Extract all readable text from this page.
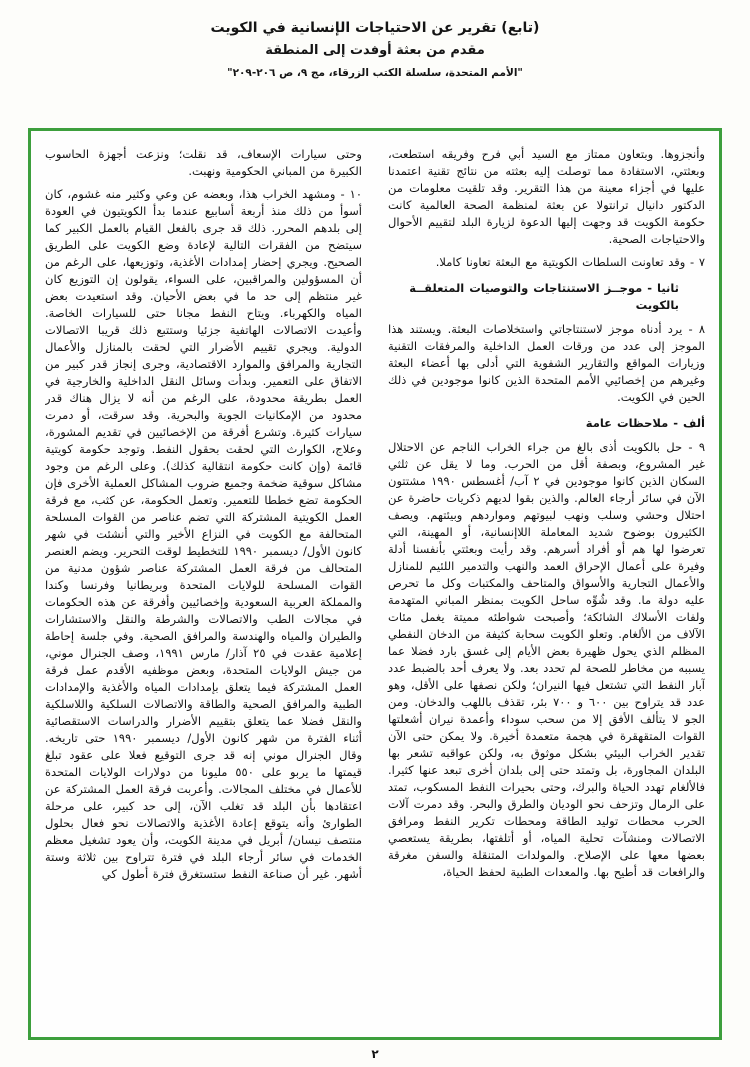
(تابع) تقرير عن الاحتياجات الإنسانية في الكويت
مقدم من بعثة أوفدت إلى المنطقة
"الأمم المتحدة، سلسلة الكتب الزرقاء، مج ٩، ص ٢٠٦-٢٠٩"

وأنجزوها. وبتعاون ممتاز مع السيد أبي فرح وفريقه استطعت، وبعثتي، الاستفادة مما توصلت إليه بعثته من نتائج تقنية اعتمدنا عليها في أجزاء معينة من هذا التقرير. وقد تلقيت معلومات من الدكتور دانيال ترانتولا عن بعثة لمنظمة الصحة العالمية كانت حكومة الكويت قد وجهت إليها الدعوة لزيارة البلد لتقييم الأحوال والاحتياجات الصحية.

٧ - وقد تعاونت السلطات الكويتية مع البعثة تعاونا كاملا.

ثانيا - موجــز الاستنتاجات والتوصيات المتعلقــة بالكويت

٨ - يرد أدناه موجز لاستنتاجاتي واستخلاصات البعثة. ويستند هذا الموجز إلى عدد من ورقات العمل الداخلية والمرفقات التقنية وزيارات المواقع والتقارير الشفوية التي أدلى بها أعضاء البعثة وغيرهم من إخصائيي الأمم المتحدة الذين كانوا موجودين في ذلك الحين في الكويت.

ألف - ملاحظات عامة

٩ - حل بالكويت أذى بالغ من جراء الخراب الناجم عن الاحتلال غير المشروع، وبصفة أقل من الحرب. وما لا يقل عن ثلثي السكان الذين كانوا موجودين في ٢ آب/ أغسطس ١٩٩٠ مشتتون الآن في سائر أرجاء العالم. والذين بقوا لديهم ذكريات حاضرة عن احتلال وحشي وسلب ونهب لبيوتهم ومواردهم وبيئتهم. ويصف الكثيرون بوضوح شديد المعاملة اللاإنسانية، أو المهينة، التي تعرضوا لها هم أو أفراد أسرهم. وقد رأيت وبعثتي بأنفسنا أدلة وفيرة على أعمال الإحراق العمد والنهب والتدمير اللئيم للمنازل والأعمال التجارية والأسواق والمتاحف والمكتبات وكل ما تحرص عليه دولة ما. وقد شُوِّه ساحل الكويت بمنظر المباني المتهدمة ولفات الأسلاك الشائكة؛ وأصبحت شواطئه مميتة يغمل مئات الآلاف من الألغام. وتعلو الكويت سحابة كثيفة من الدخان النفطي المظلم الذي يحول ظهيرة بعض الأيام إلى غسق بارد فضلا عما يسببه من مخاطر للصحة لم تحدد بعد. ولا يعرف أحد بالضبط عدد آبار النفط التي تشتعل فيها النيران؛ ولكن نصفها على الأقل، وهو عدد قد يتراوح بين ٦٠٠ و ٧٠٠ بئر، تقذف باللهب والدخان. ومن الجو لا يتألف الأفق إلا من سحب سوداء وأعمدة نيران أشعلتها القوات المتقهقرة في هجمة متعمدة أخيرة. ولا يمكن حتى الآن تقدير الخراب البيئي بشكل موثوق به، ولكن عواقبه تشعر بها البلدان المجاورة، بل وتمتد حتى إلى بلدان أخرى تبعد عنها كثيرا. فالألغام تهدد الحياة والبرك، وحتى بحيرات النفط المسكوب، تمتد على الرمال وتزحف نحو الوديان والطرق والبحر. وقد دمرت آلات الحرب محطات توليد الطاقة ومحطات تكرير النفط ومرافق الاتصالات ومنشآت تحلية المياه، أو أتلفتها، بطريقة يستعصي بعضها معها على الإصلاح. والمولدات المتنقلة والسفن مغرقة والرافعات قد أطيح بها. والمعدات الطبية لحفظ الحياة،

وحتى سيارات الإسعاف، قد نقلت؛ ونزعت أجهزة الحاسوب الكبيرة من المباني الحكومية ونهبت.

١٠ - ومشهد الخراب هذا، وبعضه عن وعي وكثير منه غشوم، كان أسوأ من ذلك منذ أربعة أسابيع عندما بدأ الكويتيون في العودة إلى بلدهم المحرر. ذلك قد جرى بالفعل القيام بالعمل الكبير كما سيتضح من الفقرات التالية لإعادة وضع الكويت على الطريق الصحيح. ويجري إحضار إمدادات الأغذية، وتوزيعها، على الرغم من أن المسؤولين والمراقبين، على السواء، يقولون إن التوزيع كان غير منتظم إلى حد ما في بعض الأحيان. وقد استعيدت بعض المياه والكهرباء. ويتاح النفط مجانا حتى للسيارات الخاصة. وأعيدت الاتصالات الهاتفية جزئيا وستتبع ذلك قريبا الاتصالات الدولية. ويجري تقييم الأضرار التي لحقت بالمنازل والأعمال التجارية والمرافق والموارد الاقتصادية، وجرى إنجاز قدر كبير من الاتفاق على التعمير. وبدأت وسائل النقل الداخلية والخارجية في العمل بطريقة محدودة، على الرغم من أنه لا يزال هناك قدر محدود من الإمكانيات الجوية والبحرية. وقد سرقت، أو دمرت سيارات كثيرة. وتشرع أفرقة من الإخصائيين في تقديم المشورة، وعلاج، الكوارث التي لحقت بحقول النفط. وتوجد حكومة كويتية قائمة (وإن كانت حكومة انتقالية كذلك). وعلى الرغم من وجود مشاكل سوقية ضخمة وجميع ضروب المشاكل العملية الأخرى فإن الحكومة تضع خططا للتعمير. وتعمل الحكومة، عن كثب، مع فرقة العمل الكويتية المشتركة التي تضم عناصر من القوات المسلحة المتحالفة مع الكويت في النزاع الأخير والتي أنشئت في شهر كانون الأول/ ديسمبر ١٩٩٠ للتخطيط لوقت التحرير. ويضم العنصر المتحالف من فرقة العمل المشتركة عناصر شؤون مدنية من القوات المسلحة للولايات المتحدة وبريطانيا وفرنسا وكندا والمملكة العربية السعودية وإخصائيين وأفرقة عن هذه الحكومات في مجالات الطب والاتصالات والشرطة والنقل والاستشارات والطيران والمياه والهندسة والمرافق الصحية. وفي جلسة إحاطة إعلامية عقدت في ٢٥ آذار/ مارس ١٩٩١، وصف الجنرال موني، من جيش الولايات المتحدة، وبعض موظفيه الأقدم عمل فرقة العمل المشتركة فيما يتعلق بإمدادات المياه والأغذية والإمدادات الطبية والمرافق الصحية والطاقة والاتصالات السلكية واللاسلكية والنقل فضلا عما يتعلق بتقييم الأضرار والدراسات الاستقصائية أثناء الفترة من شهر كانون الأول/ ديسمبر ١٩٩٠ حتى تاريخه. وقال الجنرال موني إنه قد جرى التوقيع فعلا على عقود تبلغ قيمتها ما يربو على ٥٥٠ مليونا من دولارات الولايات المتحدة للأعمال في مختلف المجالات. وأعربت فرقة العمل المشتركة عن اعتقادها بأن البلد قد تغلب الآن، إلى حد كبير، على مرحلة الطوارئ وأنه يتوقع إعادة الأغذية والاتصالات نحو فعال بحلول منتصف نيسان/ أبريل في مدينة الكويت، وأن يعود تشغيل معظم الخدمات في سائر أرجاء البلد في فترة تتراوح بين ثلاثة وستة أشهر. غير أن صناعة النفط ستستغرق فترة أطول كي

٢
